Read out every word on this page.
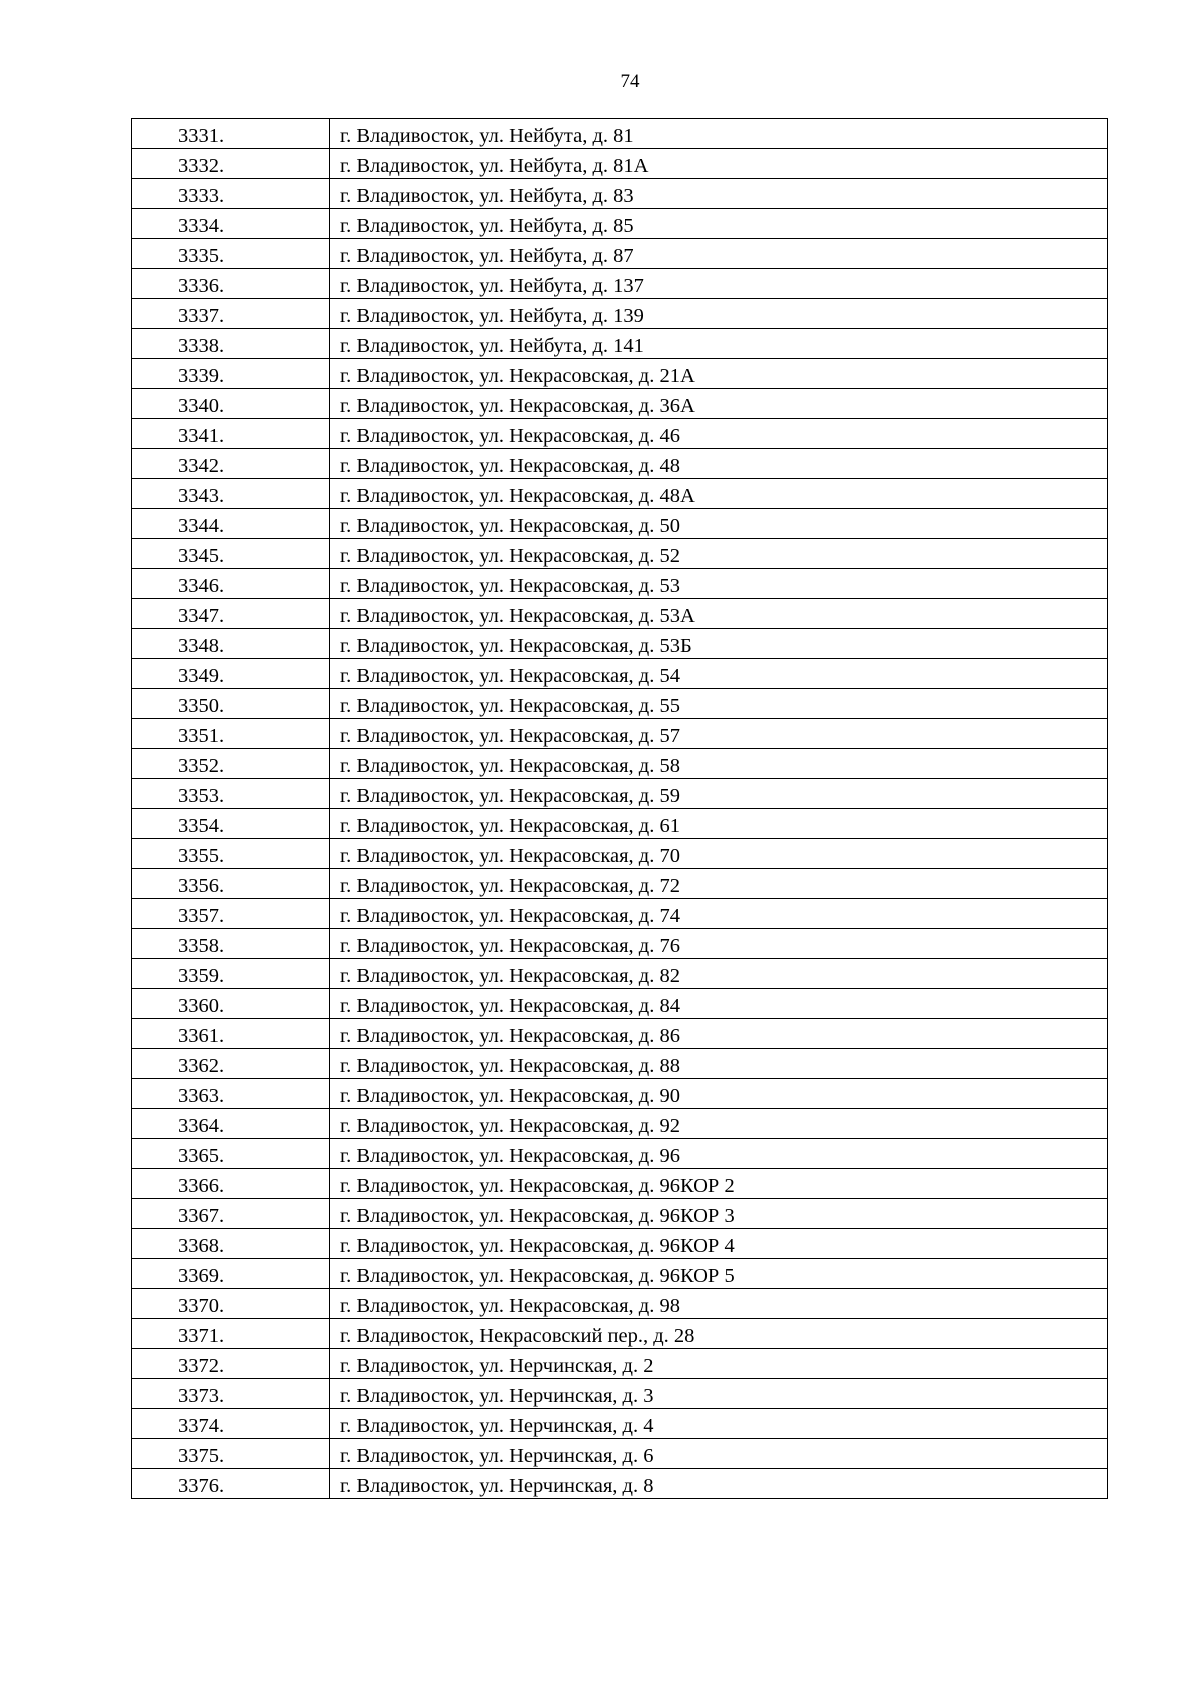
74
3331.	г. Владивосток, ул. Нейбута, д. 81
3332.	г. Владивосток, ул. Нейбута, д. 81А
3333.	г. Владивосток, ул. Нейбута, д. 83
3334.	г. Владивосток, ул. Нейбута, д. 85
3335.	г. Владивосток, ул. Нейбута, д. 87
3336.	г. Владивосток, ул. Нейбута, д. 137
3337.	г. Владивосток, ул. Нейбута, д. 139
3338.	г. Владивосток, ул. Нейбута, д. 141
3339.	г. Владивосток, ул. Некрасовская, д. 21А
3340.	г. Владивосток, ул. Некрасовская, д. 36А
3341.	г. Владивосток, ул. Некрасовская, д. 46
3342.	г. Владивосток, ул. Некрасовская, д. 48
3343.	г. Владивосток, ул. Некрасовская, д. 48А
3344.	г. Владивосток, ул. Некрасовская, д. 50
3345.	г. Владивосток, ул. Некрасовская, д. 52
3346.	г. Владивосток, ул. Некрасовская, д. 53
3347.	г. Владивосток, ул. Некрасовская, д. 53А
3348.	г. Владивосток, ул. Некрасовская, д. 53Б
3349.	г. Владивосток, ул. Некрасовская, д. 54
3350.	г. Владивосток, ул. Некрасовская, д. 55
3351.	г. Владивосток, ул. Некрасовская, д. 57
3352.	г. Владивосток, ул. Некрасовская, д. 58
3353.	г. Владивосток, ул. Некрасовская, д. 59
3354.	г. Владивосток, ул. Некрасовская, д. 61
3355.	г. Владивосток, ул. Некрасовская, д. 70
3356.	г. Владивосток, ул. Некрасовская, д. 72
3357.	г. Владивосток, ул. Некрасовская, д. 74
3358.	г. Владивосток, ул. Некрасовская, д. 76
3359.	г. Владивосток, ул. Некрасовская, д. 82
3360.	г. Владивосток, ул. Некрасовская, д. 84
3361.	г. Владивосток, ул. Некрасовская, д. 86
3362.	г. Владивосток, ул. Некрасовская, д. 88
3363.	г. Владивосток, ул. Некрасовская, д. 90
3364.	г. Владивосток, ул. Некрасовская, д. 92
3365.	г. Владивосток, ул. Некрасовская, д. 96
3366.	г. Владивосток, ул. Некрасовская, д. 96КОР 2
3367.	г. Владивосток, ул. Некрасовская, д. 96КОР 3
3368.	г. Владивосток, ул. Некрасовская, д. 96КОР 4
3369.	г. Владивосток, ул. Некрасовская, д. 96КОР 5
3370.	г. Владивосток, ул. Некрасовская, д. 98
3371.	г. Владивосток, Некрасовский пер., д. 28
3372.	г. Владивосток, ул. Нерчинская, д. 2
3373.	г. Владивосток, ул. Нерчинская, д. 3
3374.	г. Владивосток, ул. Нерчинская, д. 4
3375.	г. Владивосток, ул. Нерчинская, д. 6
3376.	г. Владивосток, ул. Нерчинская, д. 8
